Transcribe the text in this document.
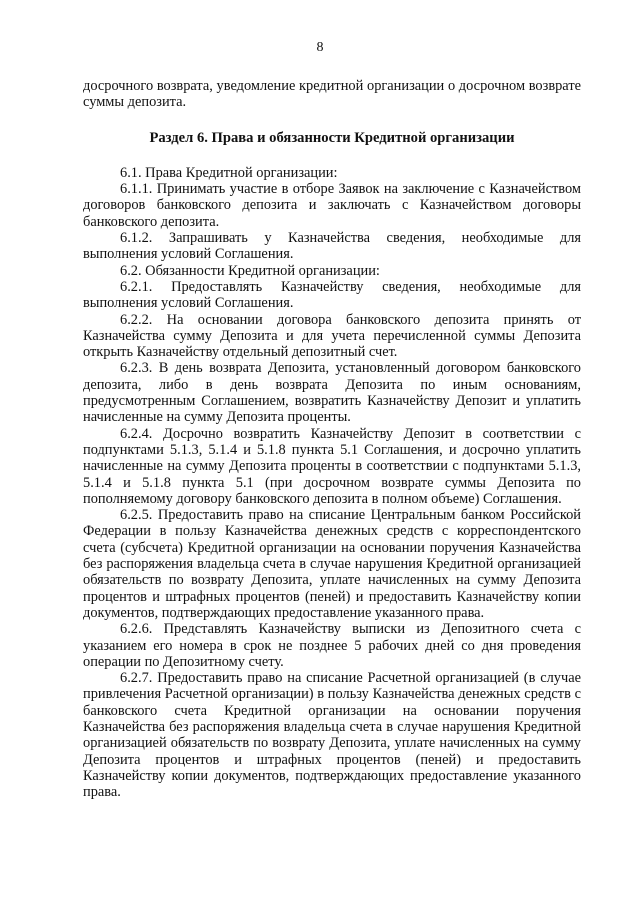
8

досрочного возврата, уведомление кредитной организации о досрочном возврате суммы депозита.

Раздел 6. Права и обязанности Кредитной организации

6.1. Права Кредитной организации:

6.1.1. Принимать участие в отборе Заявок на заключение с Казначейством договоров банковского депозита и заключать с Казначейством договоры банковского депозита.

6.1.2. Запрашивать у Казначейства сведения, необходимые для выполнения условий Соглашения.

6.2. Обязанности Кредитной организации:

6.2.1. Предоставлять Казначейству сведения, необходимые для выполнения условий Соглашения.

6.2.2. На основании договора банковского депозита принять от Казначейства сумму Депозита и для учета перечисленной суммы Депозита открыть Казначейству отдельный депозитный счет.

6.2.3. В день возврата Депозита, установленный договором банковского депозита, либо в день возврата Депозита по иным основаниям, предусмотренным Соглашением, возвратить Казначейству Депозит и уплатить начисленные на сумму Депозита проценты.

6.2.4. Досрочно возвратить Казначейству Депозит в соответствии с подпунктами 5.1.3, 5.1.4 и 5.1.8 пункта 5.1 Соглашения, и досрочно уплатить начисленные на сумму Депозита проценты в соответствии с подпунктами 5.1.3, 5.1.4 и 5.1.8 пункта 5.1 (при досрочном возврате суммы Депозита по пополняемому договору банковского депозита в полном объеме) Соглашения.

6.2.5. Предоставить право на списание Центральным банком Российской Федерации в пользу Казначейства денежных средств с корреспондентского счета (субсчета) Кредитной организации на основании поручения Казначейства без распоряжения владельца счета в случае нарушения Кредитной организацией обязательств по возврату Депозита, уплате начисленных на сумму Депозита процентов и штрафных процентов (пеней) и предоставить Казначейству копии документов, подтверждающих предоставление указанного права.

6.2.6. Представлять Казначейству выписки из Депозитного счета с указанием его номера в срок не позднее 5 рабочих дней со дня проведения операции по Депозитному счету.

6.2.7. Предоставить право на списание Расчетной организацией (в случае привлечения Расчетной организации) в пользу Казначейства денежных средств с банковского счета Кредитной организации на основании поручения Казначейства без распоряжения владельца счета в случае нарушения Кредитной организацией обязательств по возврату Депозита, уплате начисленных на сумму Депозита процентов и штрафных процентов (пеней) и предоставить Казначейству копии документов, подтверждающих предоставление указанного права.
